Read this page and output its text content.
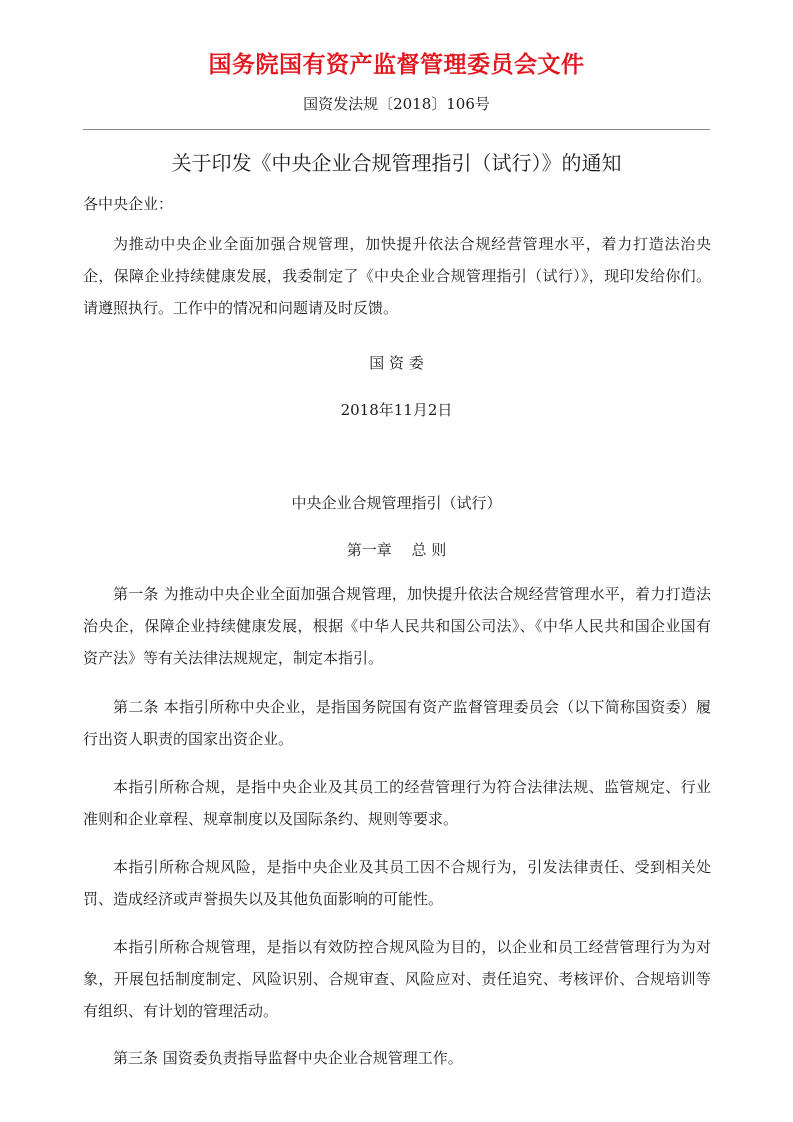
国务院国有资产监督管理委员会文件
国资发法规〔2018〕106号
关于印发《中央企业合规管理指引（试行）》的通知
各中央企业：

为推动中央企业全面加强合规管理，加快提升依法合规经营管理水平，着力打造法治央企，保障企业持续健康发展，我委制定了《中央企业合规管理指引（试行）》，现印发给你们。请遵照执行。工作中的情况和问题请及时反馈。

国 资 委
2018年11月2日
中央企业合规管理指引（试行）
第一章　 总 则

第一条 为推动中央企业全面加强合规管理，加快提升依法合规经营管理水平，着力打造法治央企，保障企业持续健康发展，根据《中华人民共和国公司法》、《中华人民共和国企业国有资产法》等有关法律法规规定，制定本指引。

第二条 本指引所称中央企业，是指国务院国有资产监督管理委员会（以下简称国资委）履行出资人职责的国家出资企业。

本指引所称合规，是指中央企业及其员工的经营管理行为符合法律法规、监管规定、行业准则和企业章程、规章制度以及国际条约、规则等要求。

本指引所称合规风险，是指中央企业及其员工因不合规行为，引发法律责任、受到相关处罚、造成经济或声誉损失以及其他负面影响的可能性。

本指引所称合规管理，是指以有效防控合规风险为目的，以企业和员工经营管理行为为对象，开展包括制度制定、风险识别、合规审查、风险应对、责任追究、考核评价、合规培训等有组织、有计划的管理活动。

第三条 国资委负责指导监督中央企业合规管理工作。
